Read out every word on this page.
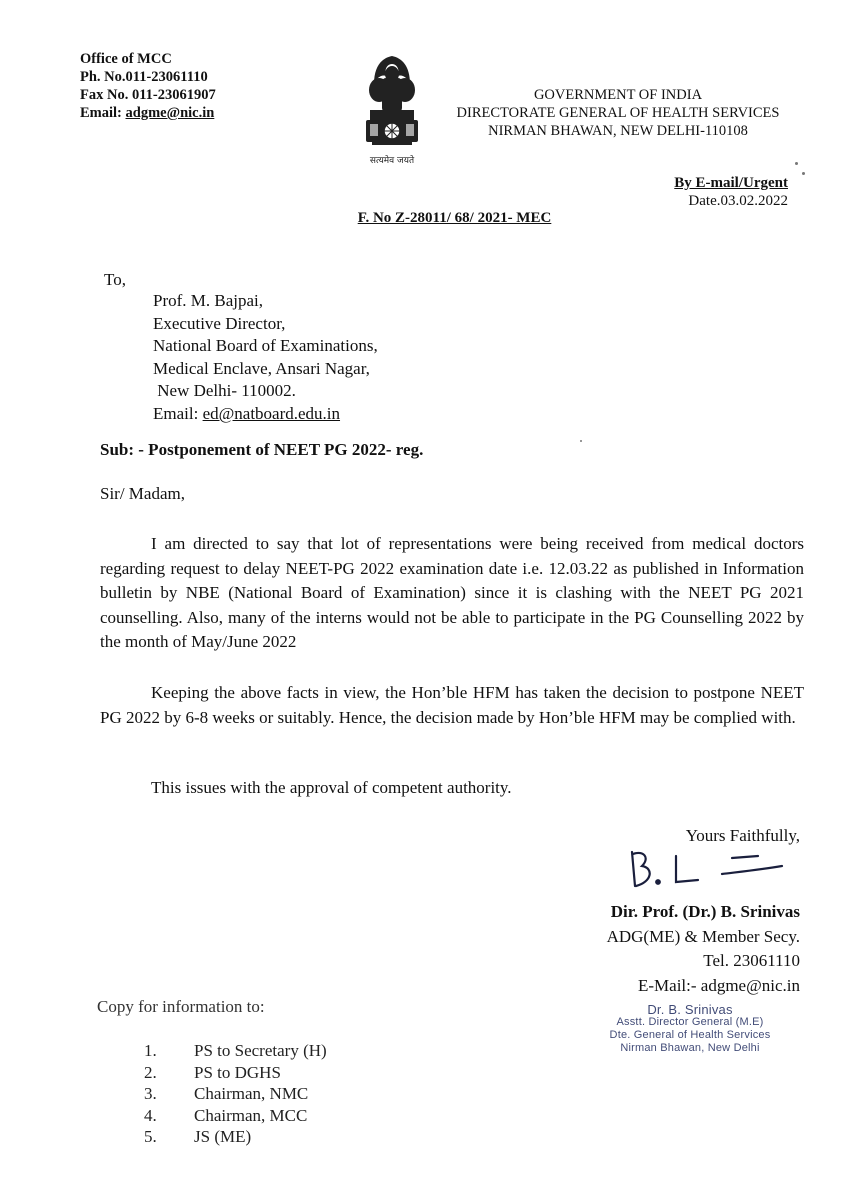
Office of MCC
Ph. No.011-23061110
Fax No. 011-23061907
Email: adgme@nic.in
सत्यमेव जयते
GOVERNMENT OF INDIA
DIRECTORATE GENERAL OF HEALTH SERVICES
NIRMAN BHAWAN, NEW DELHI-110108
By E-mail/Urgent
Date.03.02.2022
F. No Z-28011/ 68/ 2021- MEC
To,
Prof. M. Bajpai,
Executive Director,
National Board of Examinations,
Medical Enclave, Ansari Nagar,
New Delhi- 110002.
Email: ed@natboard.edu.in
Sub: - Postponement of NEET PG 2022- reg.
Sir/ Madam,
I am directed to say that lot of representations were being received from medical doctors regarding request to delay NEET-PG 2022 examination date i.e. 12.03.22 as published in Information bulletin by NBE (National Board of Examination) since it is clashing with the NEET PG 2021 counselling. Also, many of the interns would not be able to participate in the PG Counselling 2022 by the month of May/June 2022
Keeping the above facts in view, the Hon’ble HFM has taken the decision to postpone NEET PG 2022 by 6-8 weeks or suitably. Hence, the decision made by Hon’ble HFM may be complied with.
This issues with the approval of competent authority.
Yours Faithfully,
Dir. Prof. (Dr.) B. Srinivas
ADG(ME) & Member Secy.
Tel. 23061110
E-Mail:- adgme@nic.in
Dr. B. Srinivas
Asstt. Director General (M.E)
Dte. General of Health Services
Nirman Bhawan, New Delhi
Copy for information to:
1. PS to Secretary (H)
2. PS to DGHS
3. Chairman, NMC
4. Chairman, MCC
5. JS (ME)
